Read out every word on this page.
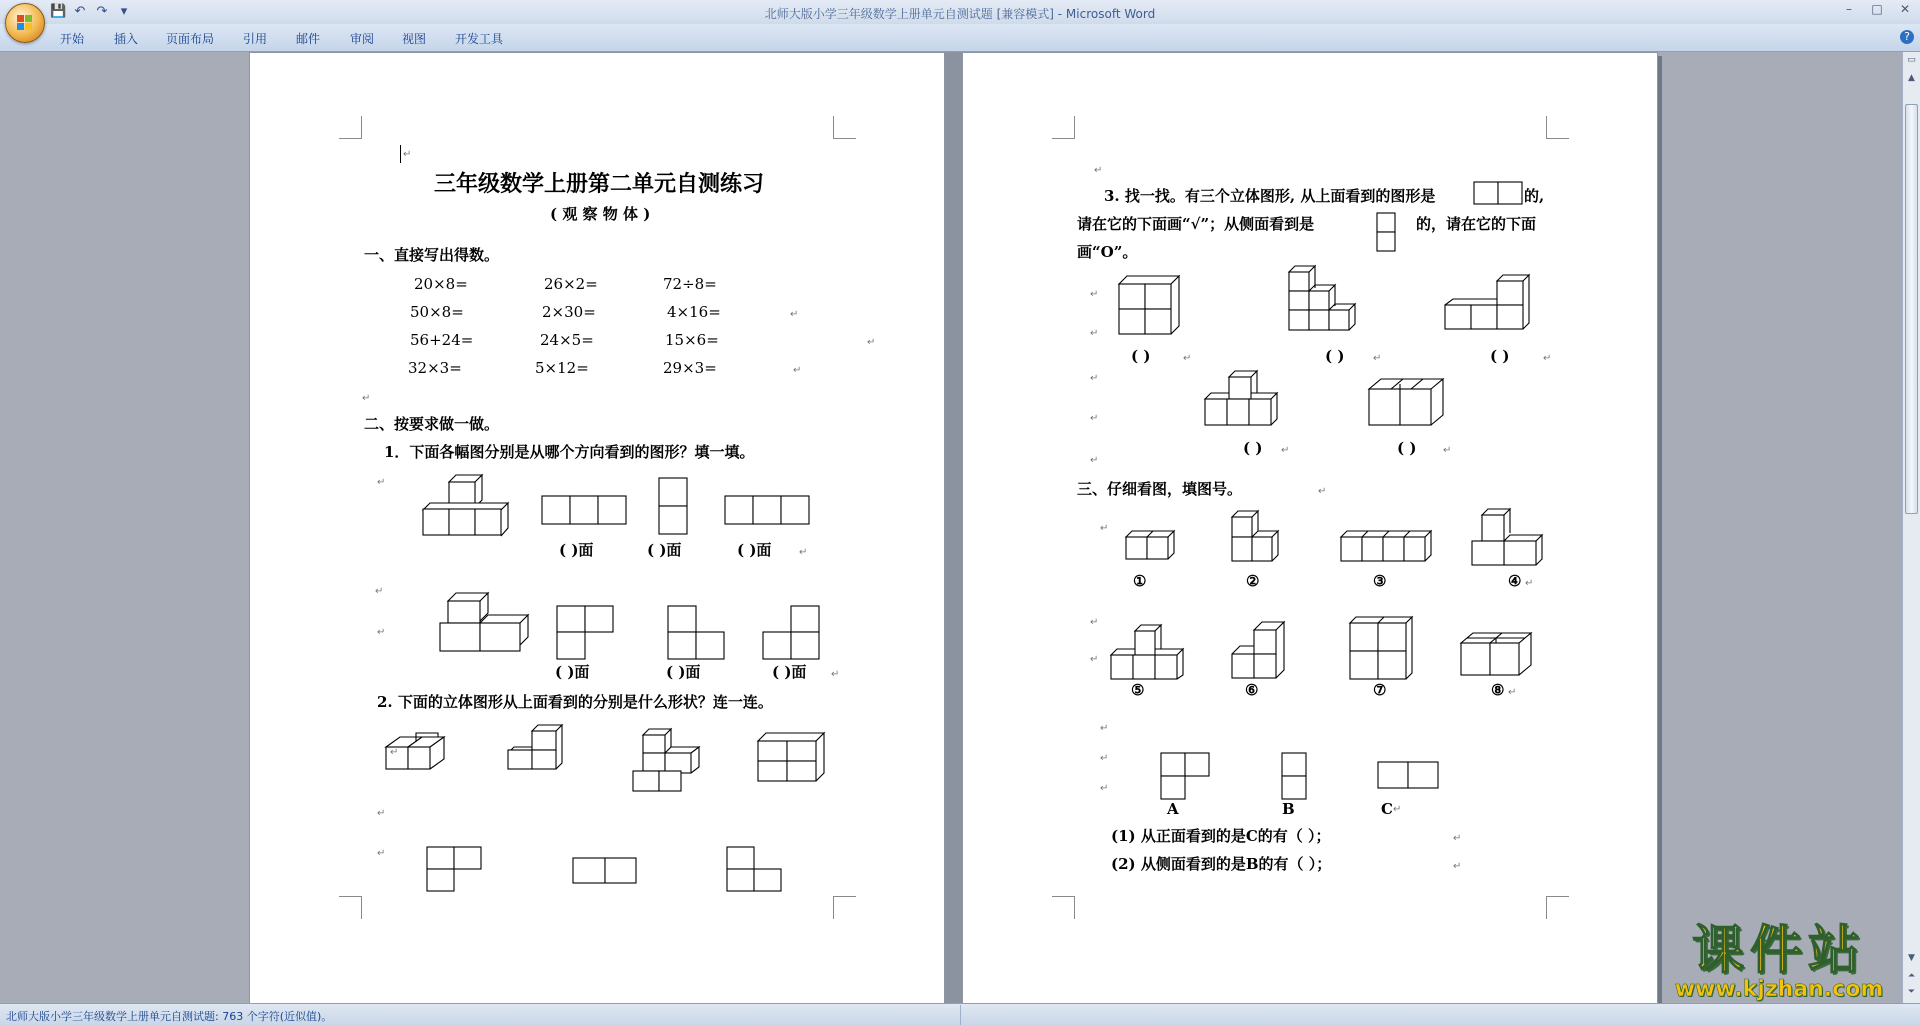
💾 ↶ ↷	▾	北师大版小学三年级数学上册单元自测试题 [兼容模式] - Microsoft Word	–	□ ✕
开始 插入 页面布局 引用 邮件 审阅 视图 开发工具	?
↵
三年级数学上册第二单元自测练习
( 观 察 物 体 )
一、直接写出得数。
20×8=	26×2=	72÷8=
50×8=	2×30=	4×16=
56+24=	24×5=	15×6=
32×3=	5×12=	29×3=
↵
↵
↵
↵
二、按要求做一做。
1．下面各幅图分别是从哪个方向看到的图形？填一填。
↵
( )面	( )面	( )面	↵
↵
↵
( )面	( )面	( )面 ↵
2. 下面的立体图形从上面看到的分别是什么形状？连一连。
↵
↵
↵
↵
3. 找一找。有三个立体图形, 从上面看到的图形是	的,
请在它的下面画“√”；从侧面看到是	的，请在它的下面
画“O”。
↵
↵
↵
↵
↵
( )	↵	( )	↵	( )	↵
( ) ↵	( )	↵
三、仔细看图，填图号。	↵
↵
①	②	③	④ ↵
↵
↵
⑤	⑥	⑦	⑧ ↵
↵
↵
↵
A	B	C ↵
(1) 从正面看到的是C的有（ ）；	↵
(2) 从侧面看到的是B的有（ ）；	↵
▭
▲
▼
⏶
⏷
北师大版小学三年级数学上册单元自测试题: 763 个字符(近似值)。
课件站
www.kjzhan.com
